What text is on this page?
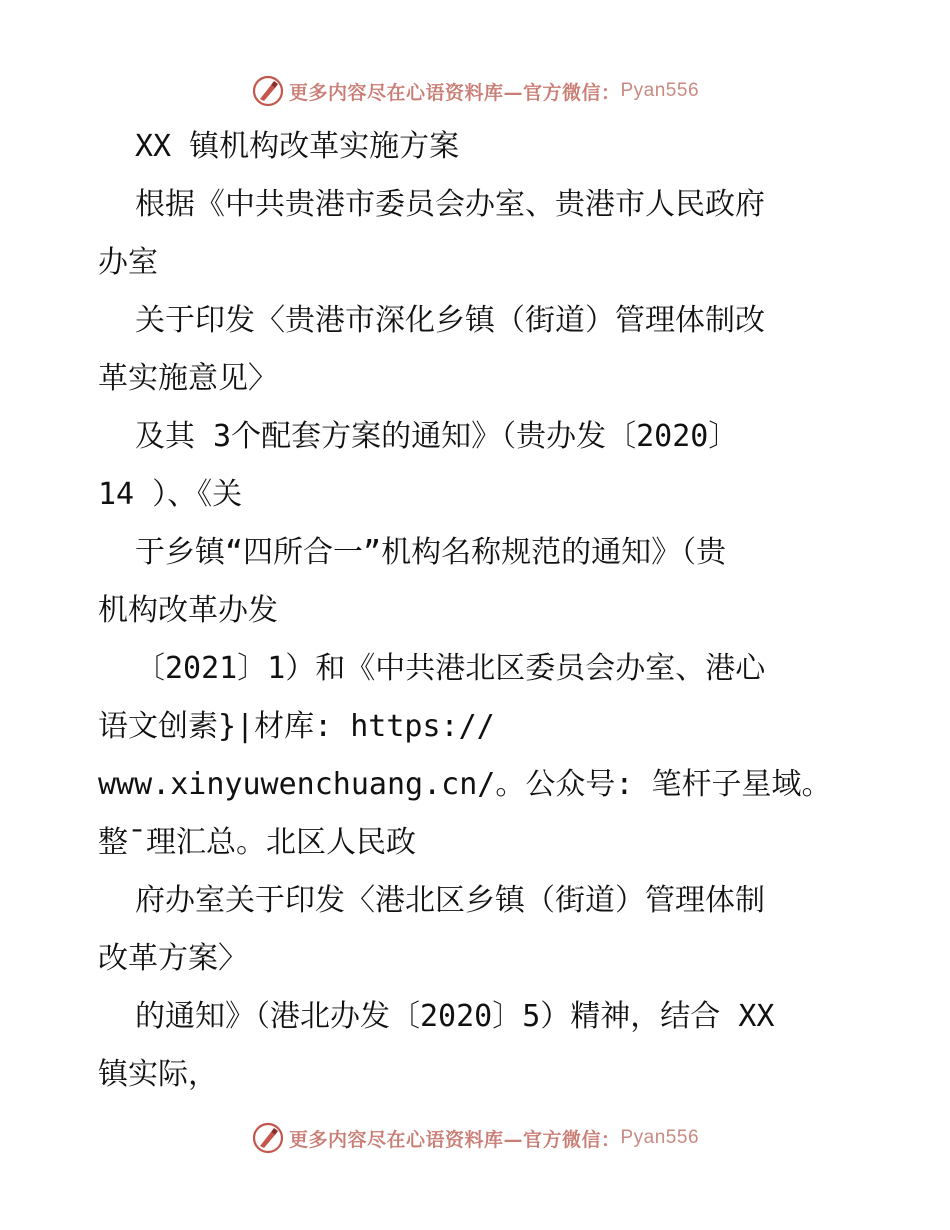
更多内容尽在心语资料库—官方微信： Pyan556
XX 镇机构改革实施方案
根据《中共贵港市委员会办室、贵港市人民政府
办室
关于印发〈贵港市深化乡镇（街道）管理体制改
革实施意见〉
及其 3个配套方案的通知》（贵办发〔2020〕
14 ）、《关
于乡镇“四所合一”机构名称规范的通知》（贵
机构改革办发
〔2021〕1）和《中共港北区委员会办室、港心
语文创素}|材库: https://
www.xinyuwenchuang.cn/。公众号: 笔杆子星域。
整¯理汇总。北区人民政
府办室关于印发〈港北区乡镇（街道）管理体制
改革方案〉
的通知》（港北办发〔2020〕5）精神，结合 XX
镇实际，
更多内容尽在心语资料库—官方微信： Pyan556
